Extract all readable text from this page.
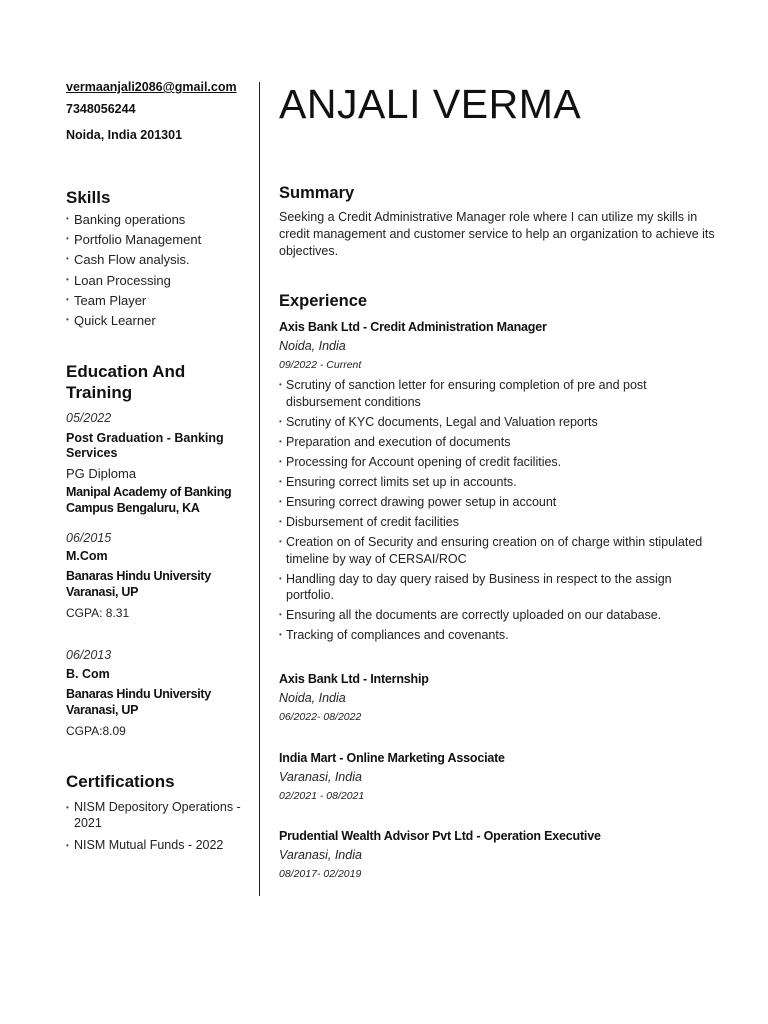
vermaanjali2086@gmail.com
7348056244
Noida, India 201301
Skills
• Banking operations
• Portfolio Management
• Cash Flow analysis.
• Loan Processing
• Team Player
• Quick Learner
Education And Training
05/2022
Post Graduation - Banking Services
PG Diploma
Manipal Academy of Banking Campus Bengaluru, KA
06/2015
M.Com
Banaras Hindu University Varanasi, UP
CGPA: 8.31
06/2013
B. Com
Banaras Hindu University Varanasi, UP
CGPA:8.09
Certifications
• NISM Depository Operations - 2021
• NISM Mutual Funds - 2022
ANJALI VERMA
Summary

Seeking a Credit Administrative Manager role where I can utilize my skills in credit management and customer service to help an organization to achieve its objectives.

Experience
Axis Bank Ltd - Credit Administration Manager
Noida, India
09/2022 - Current
• Scrutiny of sanction letter for ensuring completion of pre and post disbursement conditions
• Scrutiny of KYC documents, Legal and Valuation reports
• Preparation and execution of documents
• Processing for Account opening of credit facilities.
• Ensuring correct limits set up in accounts.
• Ensuring correct drawing power setup in account
• Disbursement of credit facilities
• Creation on of Security and ensuring creation on of charge within stipulated timeline by way of CERSAI/ROC
• Handling day to day query raised by Business in respect to the assign portfolio.
• Ensuring all the documents are correctly uploaded on our database.
• Tracking of compliances and covenants.
Axis Bank Ltd - Internship
Noida, India
06/2022- 08/2022
India Mart - Online Marketing Associate
Varanasi, India
02/2021 - 08/2021
Prudential Wealth Advisor Pvt Ltd - Operation Executive
Varanasi, India
08/2017- 02/2019
